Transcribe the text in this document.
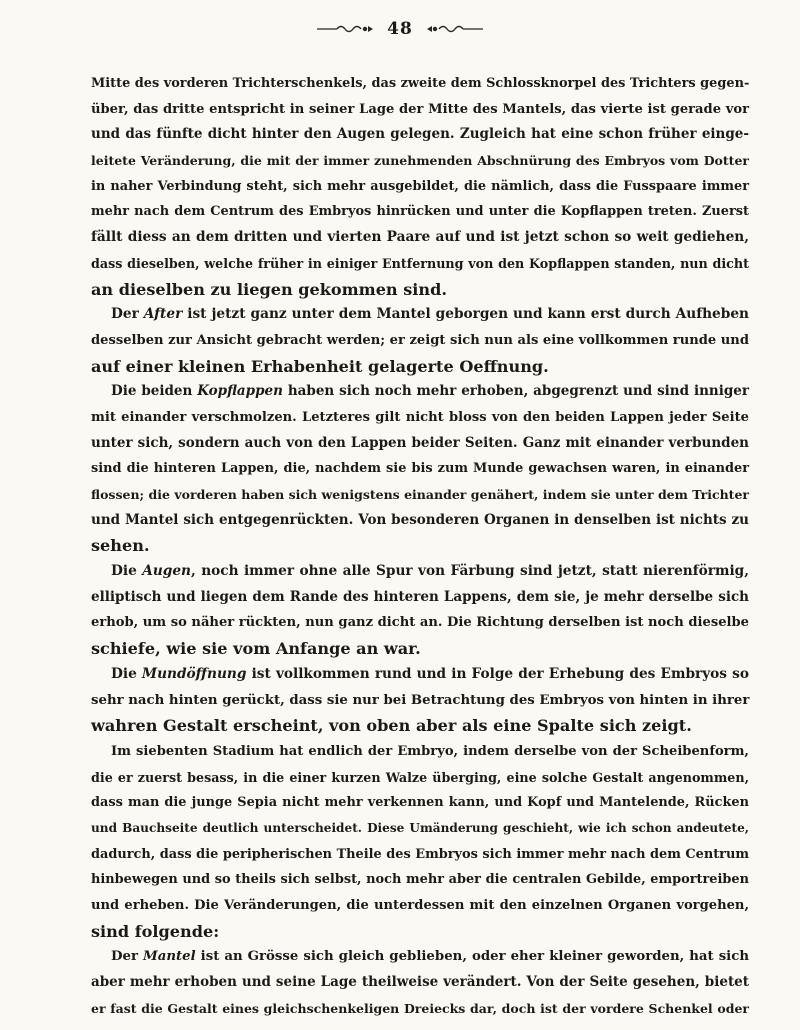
48
Mitte des vorderen Trichterschenkels, das zweite dem Schlossknorpel des Trichters gegen-
über, das dritte entspricht in seiner Lage der Mitte des Mantels, das vierte ist gerade vor
und das fünfte dicht hinter den Augen gelegen. Zugleich hat eine schon früher einge-
leitete Veränderung, die mit der immer zunehmenden Abschnürung des Embryos vom Dotter
in naher Verbindung steht, sich mehr ausgebildet, die nämlich, dass die Fusspaare immer
mehr nach dem Centrum des Embryos hinrücken und unter die Kopflappen treten. Zuerst
fällt diess an dem dritten und vierten Paare auf und ist jetzt schon so weit gediehen,
dass dieselben, welche früher in einiger Entfernung von den Kopflappen standen, nun dicht
an dieselben zu liegen gekommen sind.
Der After ist jetzt ganz unter dem Mantel geborgen und kann erst durch Aufheben
desselben zur Ansicht gebracht werden; er zeigt sich nun als eine vollkommen runde und
auf einer kleinen Erhabenheit gelagerte Oeffnung.
Die beiden Kopflappen haben sich noch mehr erhoben, abgegrenzt und sind inniger
mit einander verschmolzen. Letzteres gilt nicht bloss von den beiden Lappen jeder Seite
unter sich, sondern auch von den Lappen beider Seiten. Ganz mit einander verbunden
sind die hinteren Lappen, die, nachdem sie bis zum Munde gewachsen waren, in einander
flossen; die vorderen haben sich wenigstens einander genähert, indem sie unter dem Trichter
und Mantel sich entgegenrückten. Von besonderen Organen in denselben ist nichts zu
sehen.
Die Augen, noch immer ohne alle Spur von Färbung sind jetzt, statt nierenförmig,
elliptisch und liegen dem Rande des hinteren Lappens, dem sie, je mehr derselbe sich
erhob, um so näher rückten, nun ganz dicht an. Die Richtung derselben ist noch dieselbe
schiefe, wie sie vom Anfange an war.
Die Mundöffnung ist vollkommen rund und in Folge der Erhebung des Embryos so
sehr nach hinten gerückt, dass sie nur bei Betrachtung des Embryos von hinten in ihrer
wahren Gestalt erscheint, von oben aber als eine Spalte sich zeigt.
Im siebenten Stadium hat endlich der Embryo, indem derselbe von der Scheibenform,
die er zuerst besass, in die einer kurzen Walze überging, eine solche Gestalt angenommen,
dass man die junge Sepia nicht mehr verkennen kann, und Kopf und Mantelende, Rücken
und Bauchseite deutlich unterscheidet. Diese Umänderung geschieht, wie ich schon andeutete,
dadurch, dass die peripherischen Theile des Embryos sich immer mehr nach dem Centrum
hinbewegen und so theils sich selbst, noch mehr aber die centralen Gebilde, emportreiben
und erheben. Die Veränderungen, die unterdessen mit den einzelnen Organen vorgehen,
sind folgende:
Der Mantel ist an Grösse sich gleich geblieben, oder eher kleiner geworden, hat sich
aber mehr erhoben und seine Lage theilweise verändert. Von der Seite gesehen, bietet
er fast die Gestalt eines gleichschenkeligen Dreiecks dar, doch ist der vordere Schenkel oder
